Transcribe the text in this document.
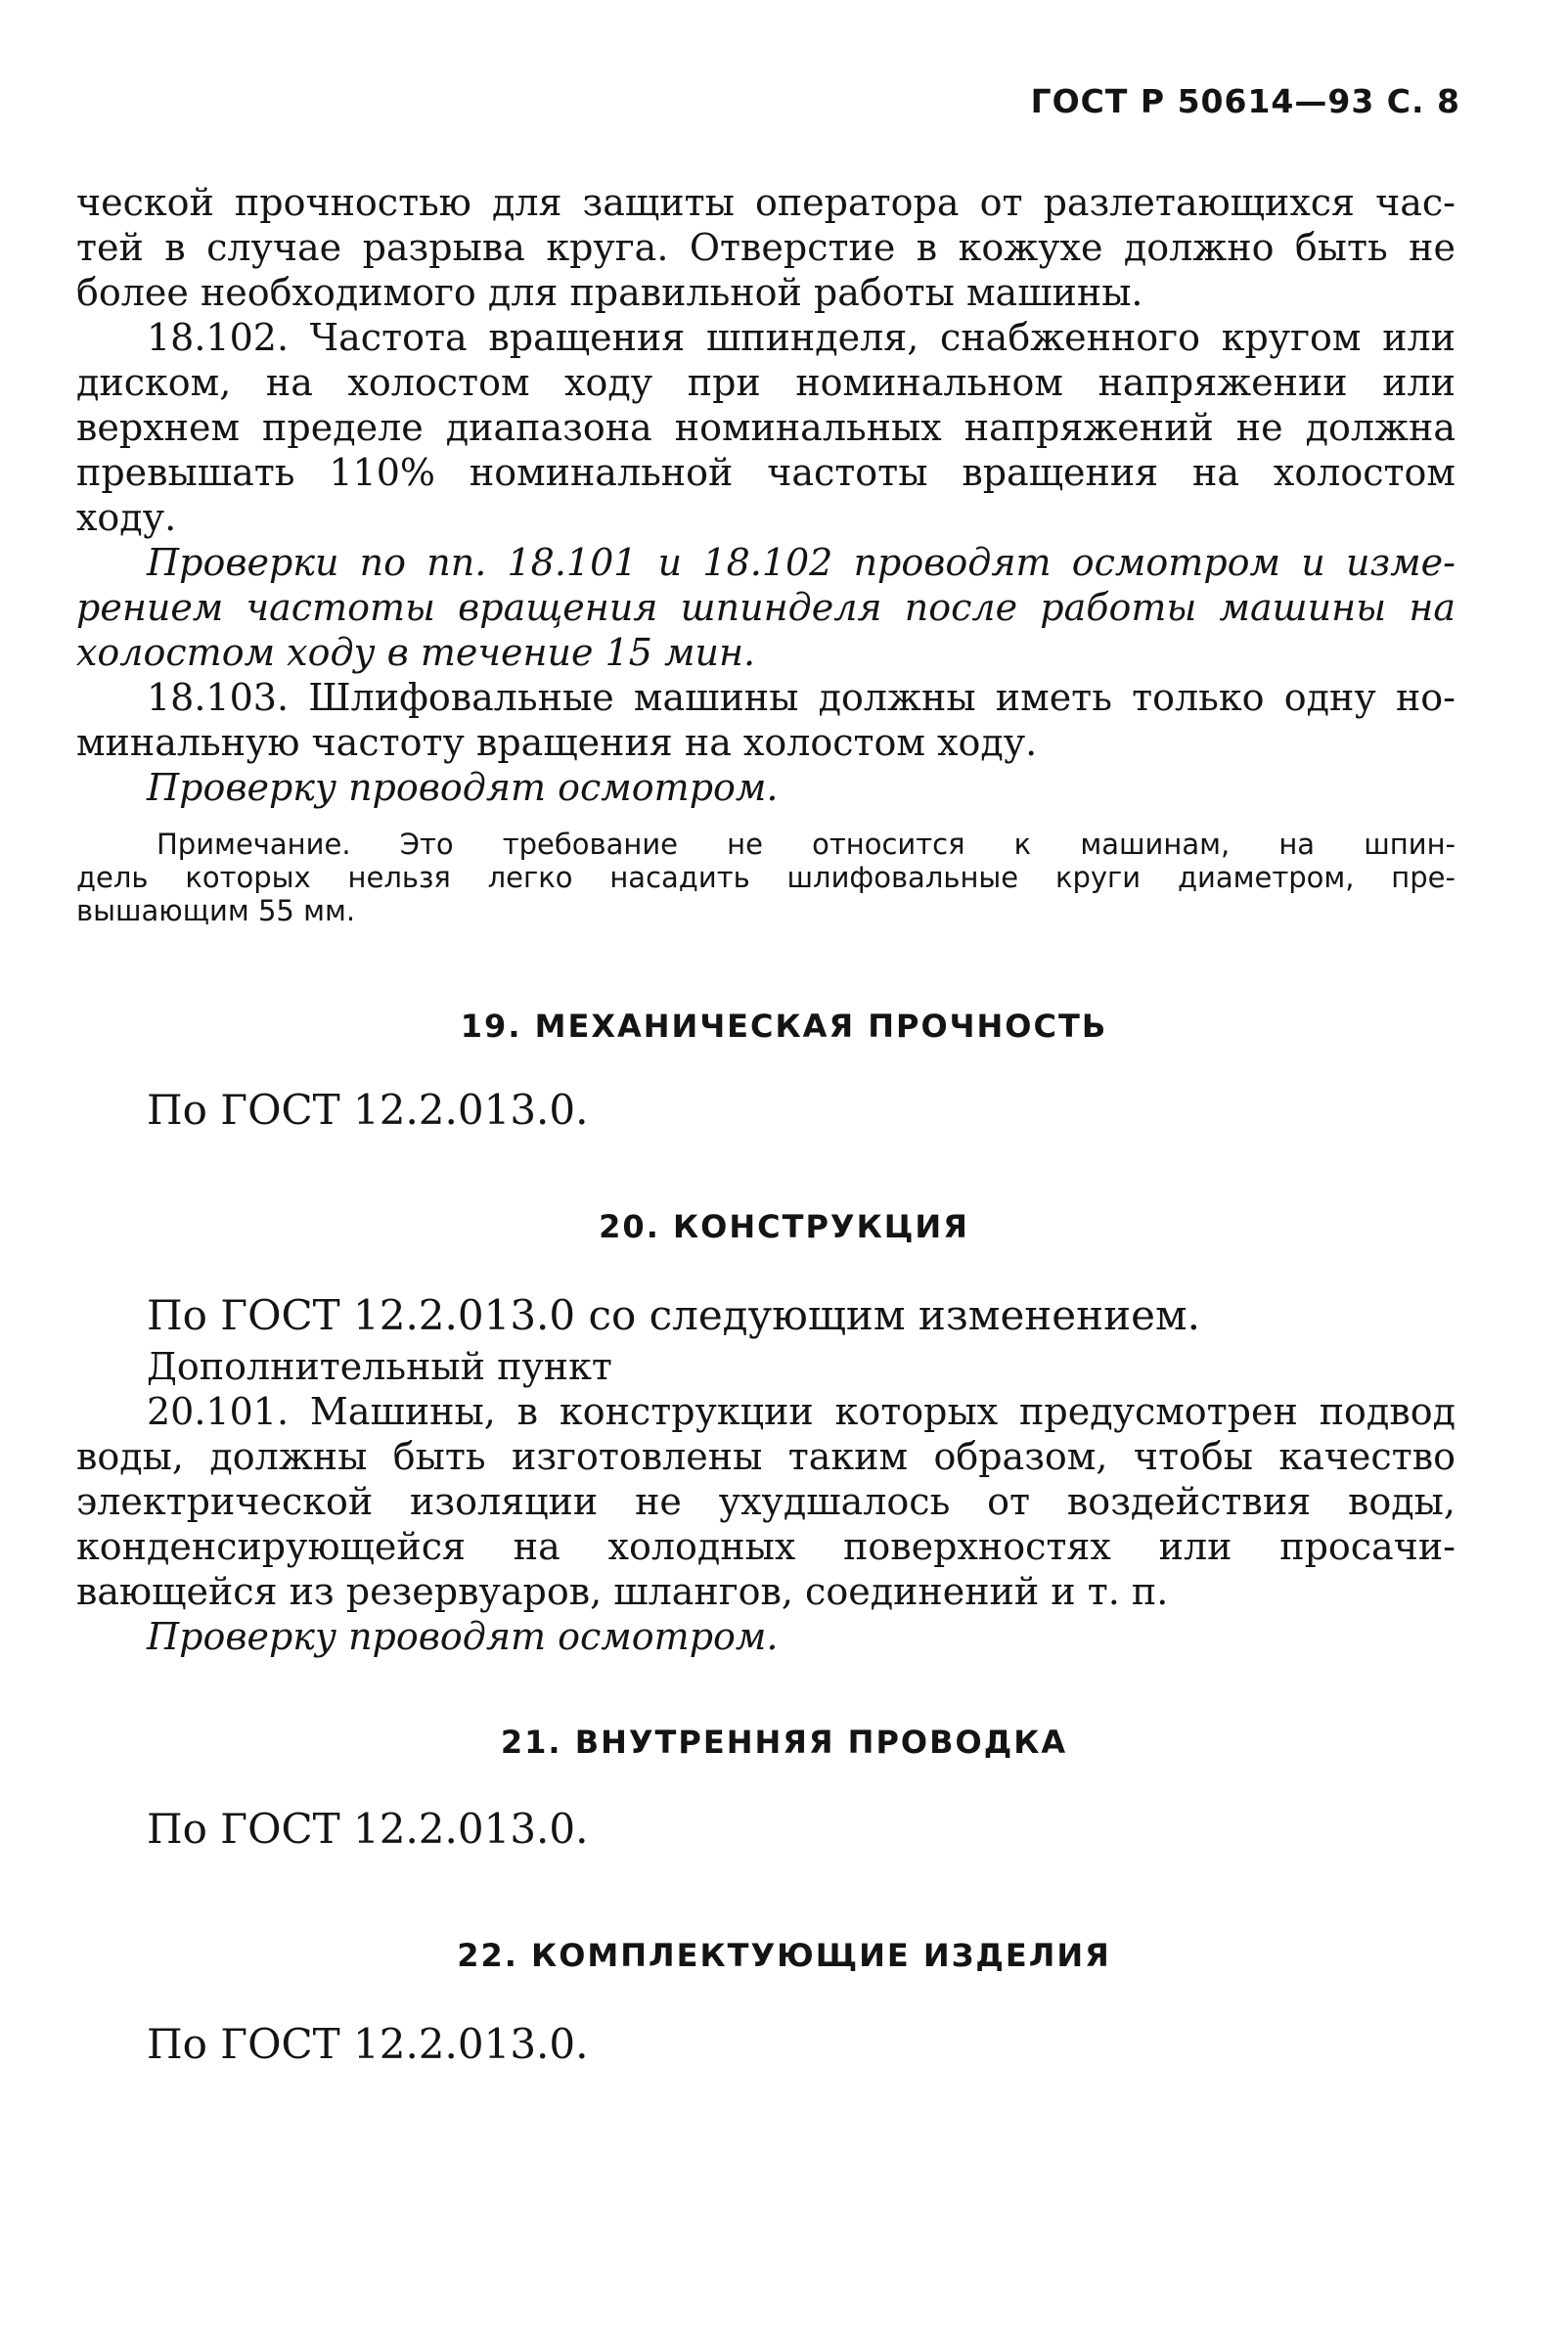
ГОСТ Р 50614—93 С. 8
ческой прочностью для защиты оператора от разлетающихся час-
тей в случае разрыва круга. Отверстие в кожухе должно быть не
более необходимого для правильной работы машины.
18.102. Частота вращения шпинделя, снабженного кругом или
диском, на холостом ходу при номинальном напряжении или
верхнем пределе диапазона номинальных напряжений не должна
превышать 110% номинальной частоты вращения на холостом
ходу.
Проверки по пп. 18.101 и 18.102 проводят осмотром и изме-
рением частоты вращения шпинделя после работы машины на
холостом ходу в течение 15 мин.
18.103. Шлифовальные машины должны иметь только одну но-
минальную частоту вращения на холостом ходу.
Проверку проводят осмотром.
Примечание. Это требование не относится к машинам, на шпин-
дель которых нельзя легко насадить шлифовальные круги диаметром, пре-
вышающим 55 мм.
19. МЕХАНИЧЕСКАЯ ПРОЧНОСТЬ
По ГОСТ 12.2.013.0.
20. КОНСТРУКЦИЯ
По ГОСТ 12.2.013.0 со следующим изменением.
Дополнительный пункт
20.101. Машины, в конструкции которых предусмотрен подвод
воды, должны быть изготовлены таким образом, чтобы качество
электрической изоляции не ухудшалось от воздействия воды,
конденсирующейся на холодных поверхностях или просачи-
вающейся из резервуаров, шлангов, соединений и т. п.
Проверку проводят осмотром.
21. ВНУТРЕННЯЯ ПРОВОДКА
По ГОСТ 12.2.013.0.
22. КОМПЛЕКТУЮЩИЕ ИЗДЕЛИЯ
По ГОСТ 12.2.013.0.
